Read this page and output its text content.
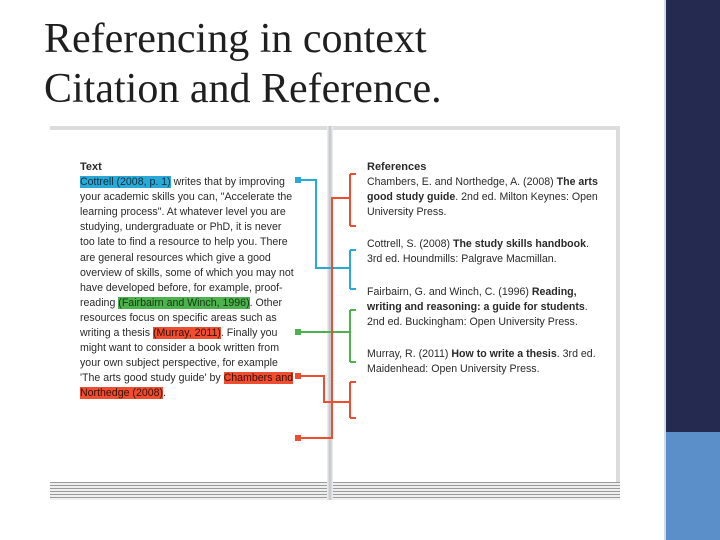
Referencing in context
Citation and Reference.
Text

Cottrell (2008, p. 1) writes that by improving your academic skills you can, "Accelerate the learning process". At whatever level you are studying, undergraduate or PhD, it is never too late to find a resource to help you. There are general resources which give a good overview of skills, some of which you may not have developed before, for example, proof-reading (Fairbairn and Winch, 1996). Other resources focus on specific areas such as writing a thesis (Murray, 2011). Finally you might want to consider a book written from your own subject perspective, for example 'The arts good study guide' by Chambers and Northedge (2008).

References

Chambers, E. and Northedge, A. (2008) The arts good study guide. 2nd ed. Milton Keynes: Open University Press.

Cottrell, S. (2008) The study skills handbook. 3rd ed. Houndmills: Palgrave Macmillan.

Fairbairn, G. and Winch, C. (1996) Reading, writing and reasoning: a guide for students. 2nd ed. Buckingham: Open University Press.

Murray, R. (2011) How to write a thesis. 3rd ed. Maidenhead: Open University Press.
